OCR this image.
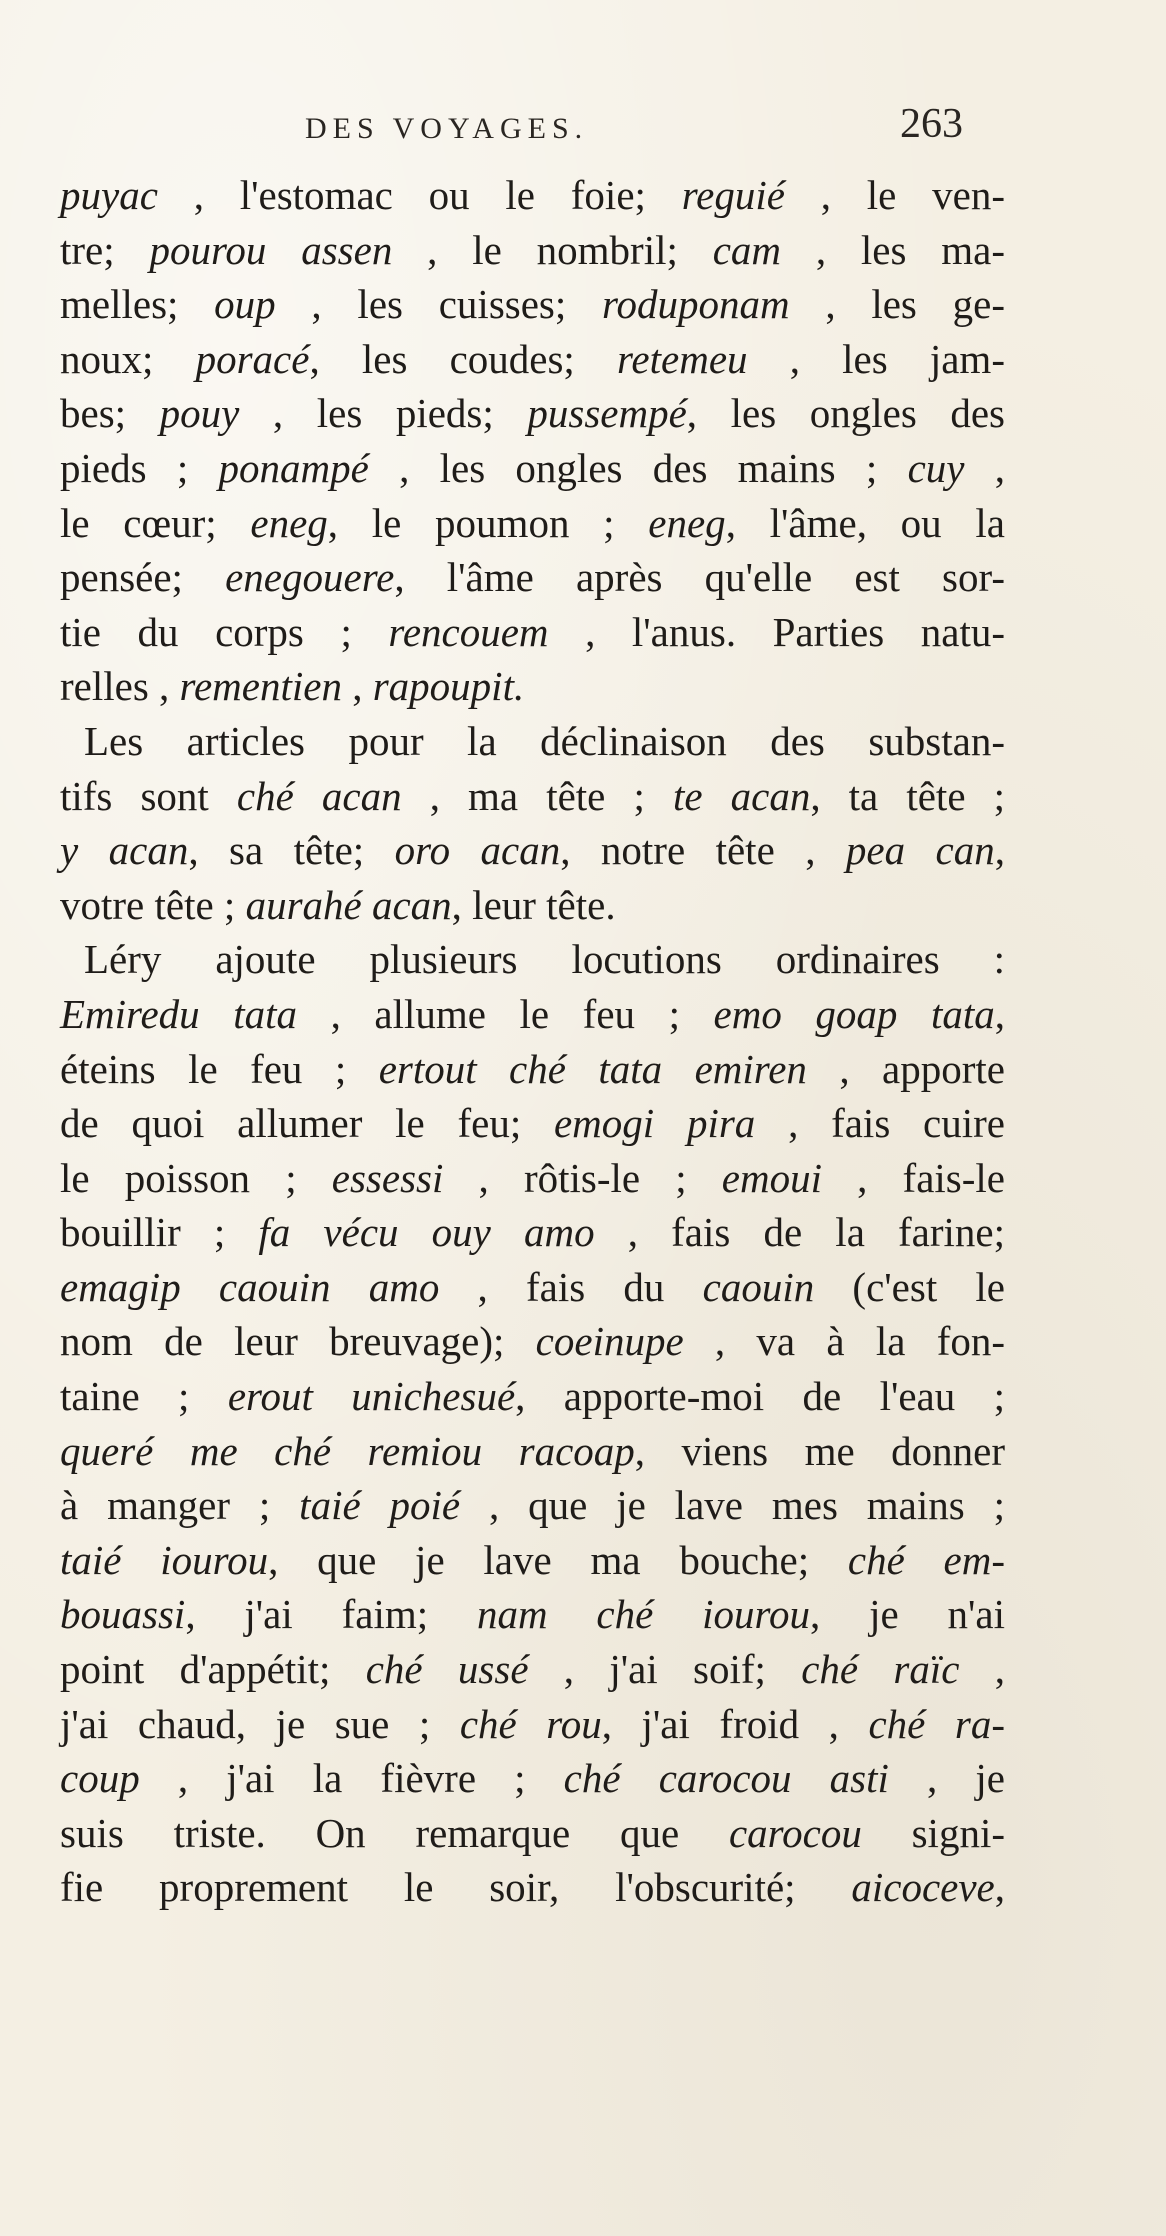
DES VOYAGES.	263
puyac , l'estomac ou le foie; reguié , le ven-
tre; pourou assen , le nombril; cam , les ma-
melles; oup , les cuisses; roduponam , les ge-
noux; poracé, les coudes; retemeu , les jam-
bes; pouy , les pieds; pussempé, les ongles des
pieds ; ponampé , les ongles des mains ; cuy ,
le cœur; eneg, le poumon ; eneg, l'âme, ou la
pensée; enegouere, l'âme après qu'elle est sor-
tie du corps ; rencouem , l'anus. Parties natu-
relles , rementien , rapoupit.
Les articles pour la déclinaison des substan-
tifs sont ché acan , ma tête ; te acan, ta tête ;
y acan, sa tête; oro acan, notre tête , pea can,
votre tête ; aurahé acan, leur tête.
Léry ajoute plusieurs locutions ordinaires :
Emiredu tata , allume le feu ; emo goap tata,
éteins le feu ; ertout ché tata emiren , apporte
de quoi allumer le feu; emogi pira , fais cuire
le poisson ; essessi , rôtis-le ; emoui , fais-le
bouillir ; fa vécu ouy amo , fais de la farine;
emagip caouin amo , fais du caouin (c'est le
nom de leur breuvage); coeinupe , va à la fon-
taine ; erout unichesué, apporte-moi de l'eau ;
queré me ché remiou racoap, viens me donner
à manger ; taié poié , que je lave mes mains ;
taié iourou, que je lave ma bouche; ché em-
bouassi, j'ai faim; nam ché iourou, je n'ai
point d'appétit; ché ussé , j'ai soif; ché raïc ,
j'ai chaud, je sue ; ché rou, j'ai froid , ché ra-
coup , j'ai la fièvre ; ché carocou asti , je
suis triste. On remarque que carocou signi-
fie proprement le soir, l'obscurité; aicoceve,
